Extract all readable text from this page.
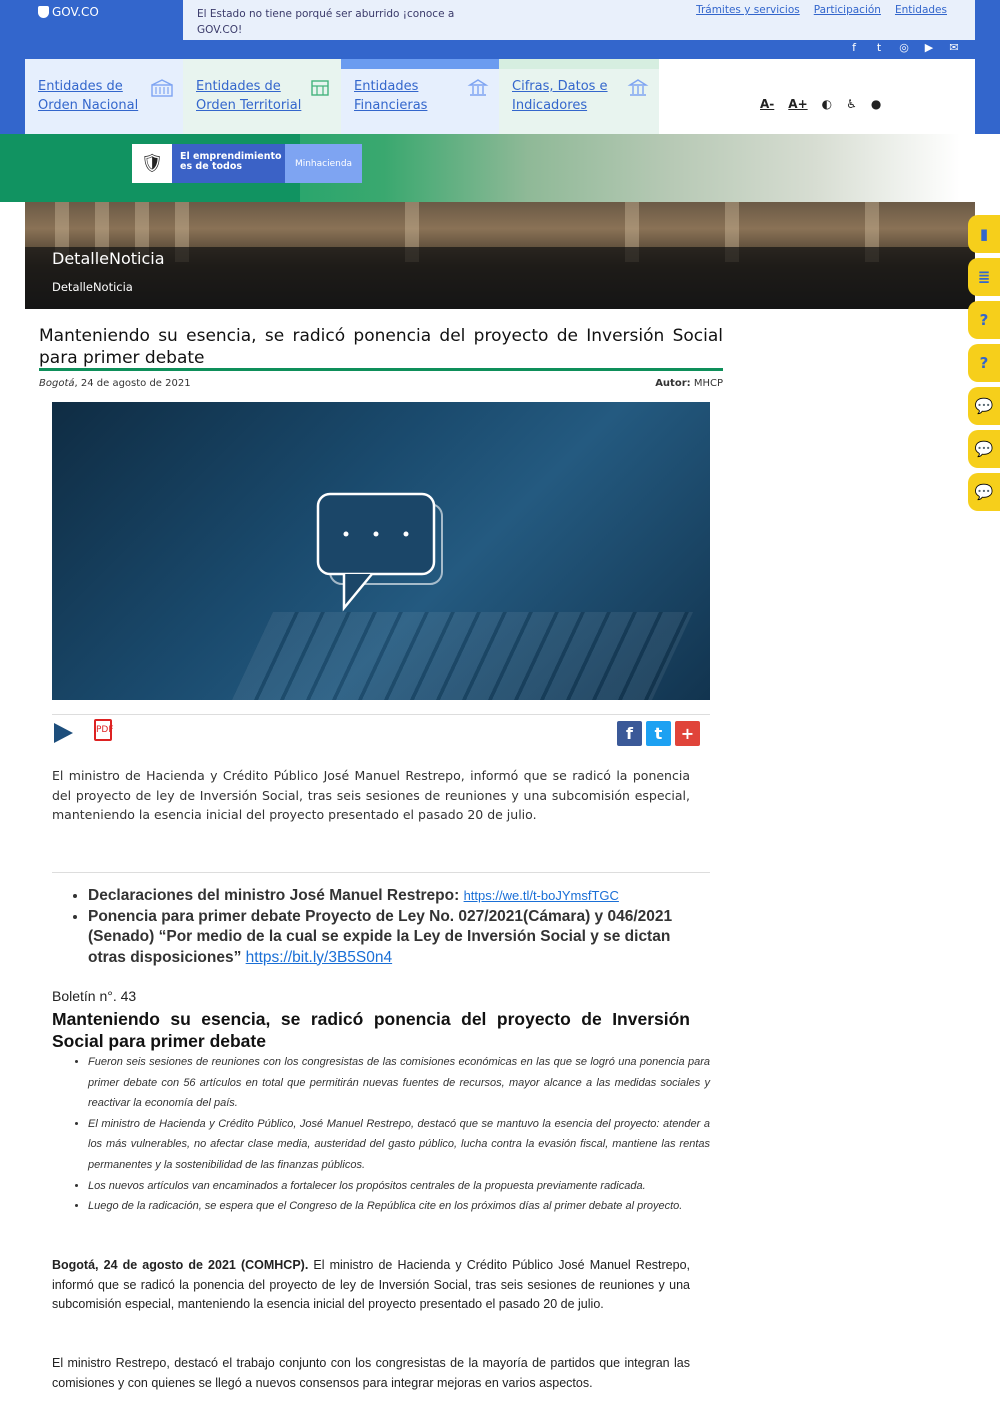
GOV.CO	El Estado no tiene porqué ser aburrido ¡conoce a GOV.CO!
Trámites y servicios Participación Entidades
f	t	◎ ▶ ✉
Entidades de Orden Nacional
Entidades de Orden Territorial
Entidades Financieras
Cifras, Datos e Indicadores	A- A+ ◐ ♿ ●
🛡	El emprendimiento
es de todos	Minhacienda
DetalleNoticia
DetalleNoticia
▮
≣
?
?
💬
💬
💬
Manteniendo su esencia, se radicó ponencia del proyecto de Inversión Social para primer debate
Bogotá, 24 de agosto de 2021	Autor: MHCP
PDF	f	t	+
El ministro de Hacienda y Crédito Público José Manuel Restrepo, informó que se radicó la ponencia del proyecto de ley de Inversión Social, tras seis sesiones de reuniones y una subcomisión especial, manteniendo la esencia inicial del proyecto presentado el pasado 20 de julio.
• Declaraciones del ministro José Manuel Restrepo: https://we.tl/t-boJYmsfTGC
• Ponencia para primer debate Proyecto de Ley No. 027/2021(Cámara) y 046/2021 (Senado) “Por medio de la cual se expide la Ley de Inversión Social y se dictan otras disposiciones” https://bit.ly/3B5S0n4
Boletín n°. 43
Manteniendo su esencia, se radicó ponencia del proyecto de Inversión Social para primer debate
• Fueron seis sesiones de reuniones con los congresistas de las comisiones económicas en las que se logró una ponencia para primer debate con 56 artículos en total que permitirán nuevas fuentes de recursos, mayor alcance a las medidas sociales y reactivar la economía del país.
• El ministro de Hacienda y Crédito Público, José Manuel Restrepo, destacó que se mantuvo la esencia del proyecto: atender a los más vulnerables, no afectar clase media, austeridad del gasto público, lucha contra la evasión fiscal, mantiene las rentas permanentes y la sostenibilidad de las finanzas públicos.
• Los nuevos artículos van encaminados a fortalecer los propósitos centrales de la propuesta previamente radicada.
• Luego de la radicación, se espera que el Congreso de la República cite en los próximos días al primer debate al proyecto.
Bogotá, 24 de agosto de 2021 (COMHCP). El ministro de Hacienda y Crédito Público José Manuel Restrepo, informó que se radicó la ponencia del proyecto de ley de Inversión Social, tras seis sesiones de reuniones y una subcomisión especial, manteniendo la esencia inicial del proyecto presentado el pasado 20 de julio.
El ministro Restrepo, destacó el trabajo conjunto con los congresistas de la mayoría de partidos que integran las comisiones y con quienes se llegó a nuevos consensos para integrar mejoras en varios aspectos.
